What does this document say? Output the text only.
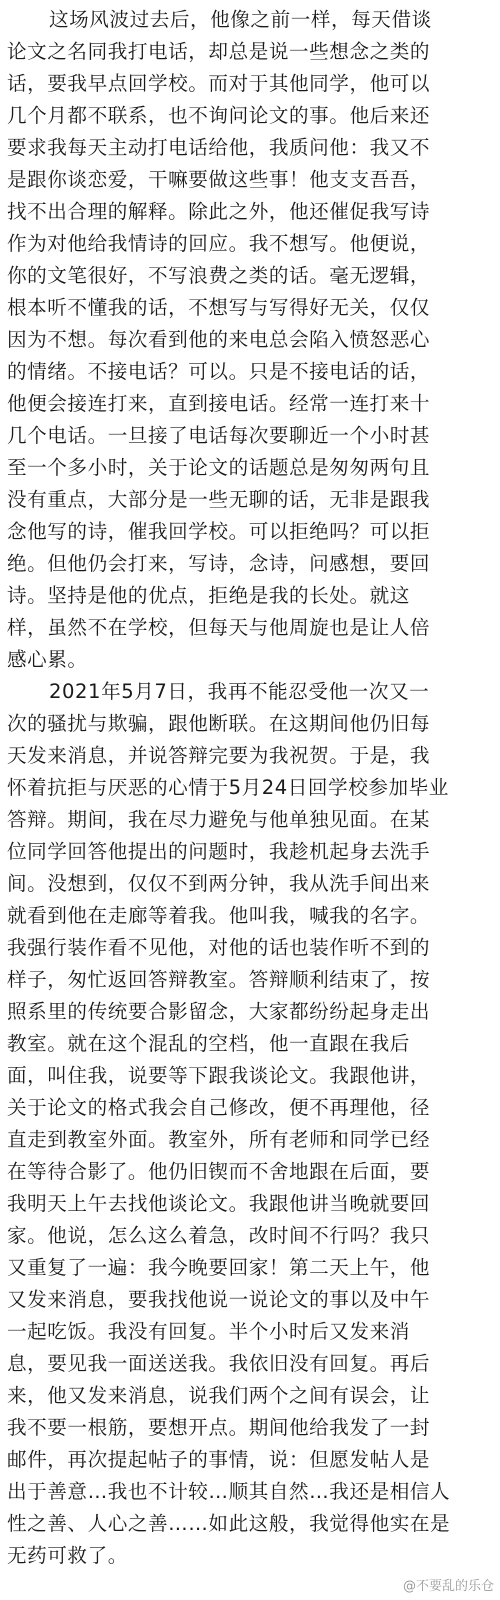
这场风波过去后，他像之前一样，每天借谈
论文之名同我打电话，却总是说一些想念之类的
话，要我早点回学校。而对于其他同学，他可以
几个月都不联系，也不询问论文的事。他后来还
要求我每天主动打电话给他，我质问他：我又不
是跟你谈恋爱，干嘛要做这些事！他支支吾吾，
找不出合理的解释。除此之外，他还催促我写诗
作为对他给我情诗的回应。我不想写。他便说，
你的文笔很好，不写浪费之类的话。毫无逻辑，
根本听不懂我的话，不想写与写得好无关，仅仅
因为不想。每次看到他的来电总会陷入愤怒恶心
的情绪。不接电话？可以。只是不接电话的话，
他便会接连打来，直到接电话。经常一连打来十
几个电话。一旦接了电话每次要聊近一个小时甚
至一个多小时，关于论文的话题总是匆匆两句且
没有重点，大部分是一些无聊的话，无非是跟我
念他写的诗，催我回学校。可以拒绝吗？可以拒
绝。但他仍会打来，写诗，念诗，问感想，要回
诗。坚持是他的优点，拒绝是我的长处。就这
样，虽然不在学校，但每天与他周旋也是让人倍
感心累。
2021年5月7日，我再不能忍受他一次又一
次的骚扰与欺骗，跟他断联。在这期间他仍旧每
天发来消息，并说答辩完要为我祝贺。于是，我
怀着抗拒与厌恶的心情于5月24日回学校参加毕业
答辩。期间，我在尽力避免与他单独见面。在某
位同学回答他提出的问题时，我趁机起身去洗手
间。没想到，仅仅不到两分钟，我从洗手间出来
就看到他在走廊等着我。他叫我，喊我的名字。
我强行装作看不见他，对他的话也装作听不到的
样子，匆忙返回答辩教室。答辩顺利结束了，按
照系里的传统要合影留念，大家都纷纷起身走出
教室。就在这个混乱的空档，他一直跟在我后
面，叫住我，说要等下跟我谈论文。我跟他讲，
关于论文的格式我会自己修改，便不再理他，径
直走到教室外面。教室外，所有老师和同学已经
在等待合影了。他仍旧锲而不舍地跟在后面，要
我明天上午去找他谈论文。我跟他讲当晚就要回
家。他说，怎么这么着急，改时间不行吗？我只
又重复了一遍：我今晚要回家！第二天上午，他
又发来消息，要我找他说一说论文的事以及中午
一起吃饭。我没有回复。半个小时后又发来消
息，要见我一面送送我。我依旧没有回复。再后
来，他又发来消息，说我们两个之间有误会，让
我不要一根筋，要想开点。期间他给我发了一封
邮件，再次提起帖子的事情，说：但愿发帖人是
出于善意…我也不计较…顺其自然…我还是相信人
性之善、人心之善……如此这般，我觉得他实在是
无药可救了。
@不要乱的乐仓
